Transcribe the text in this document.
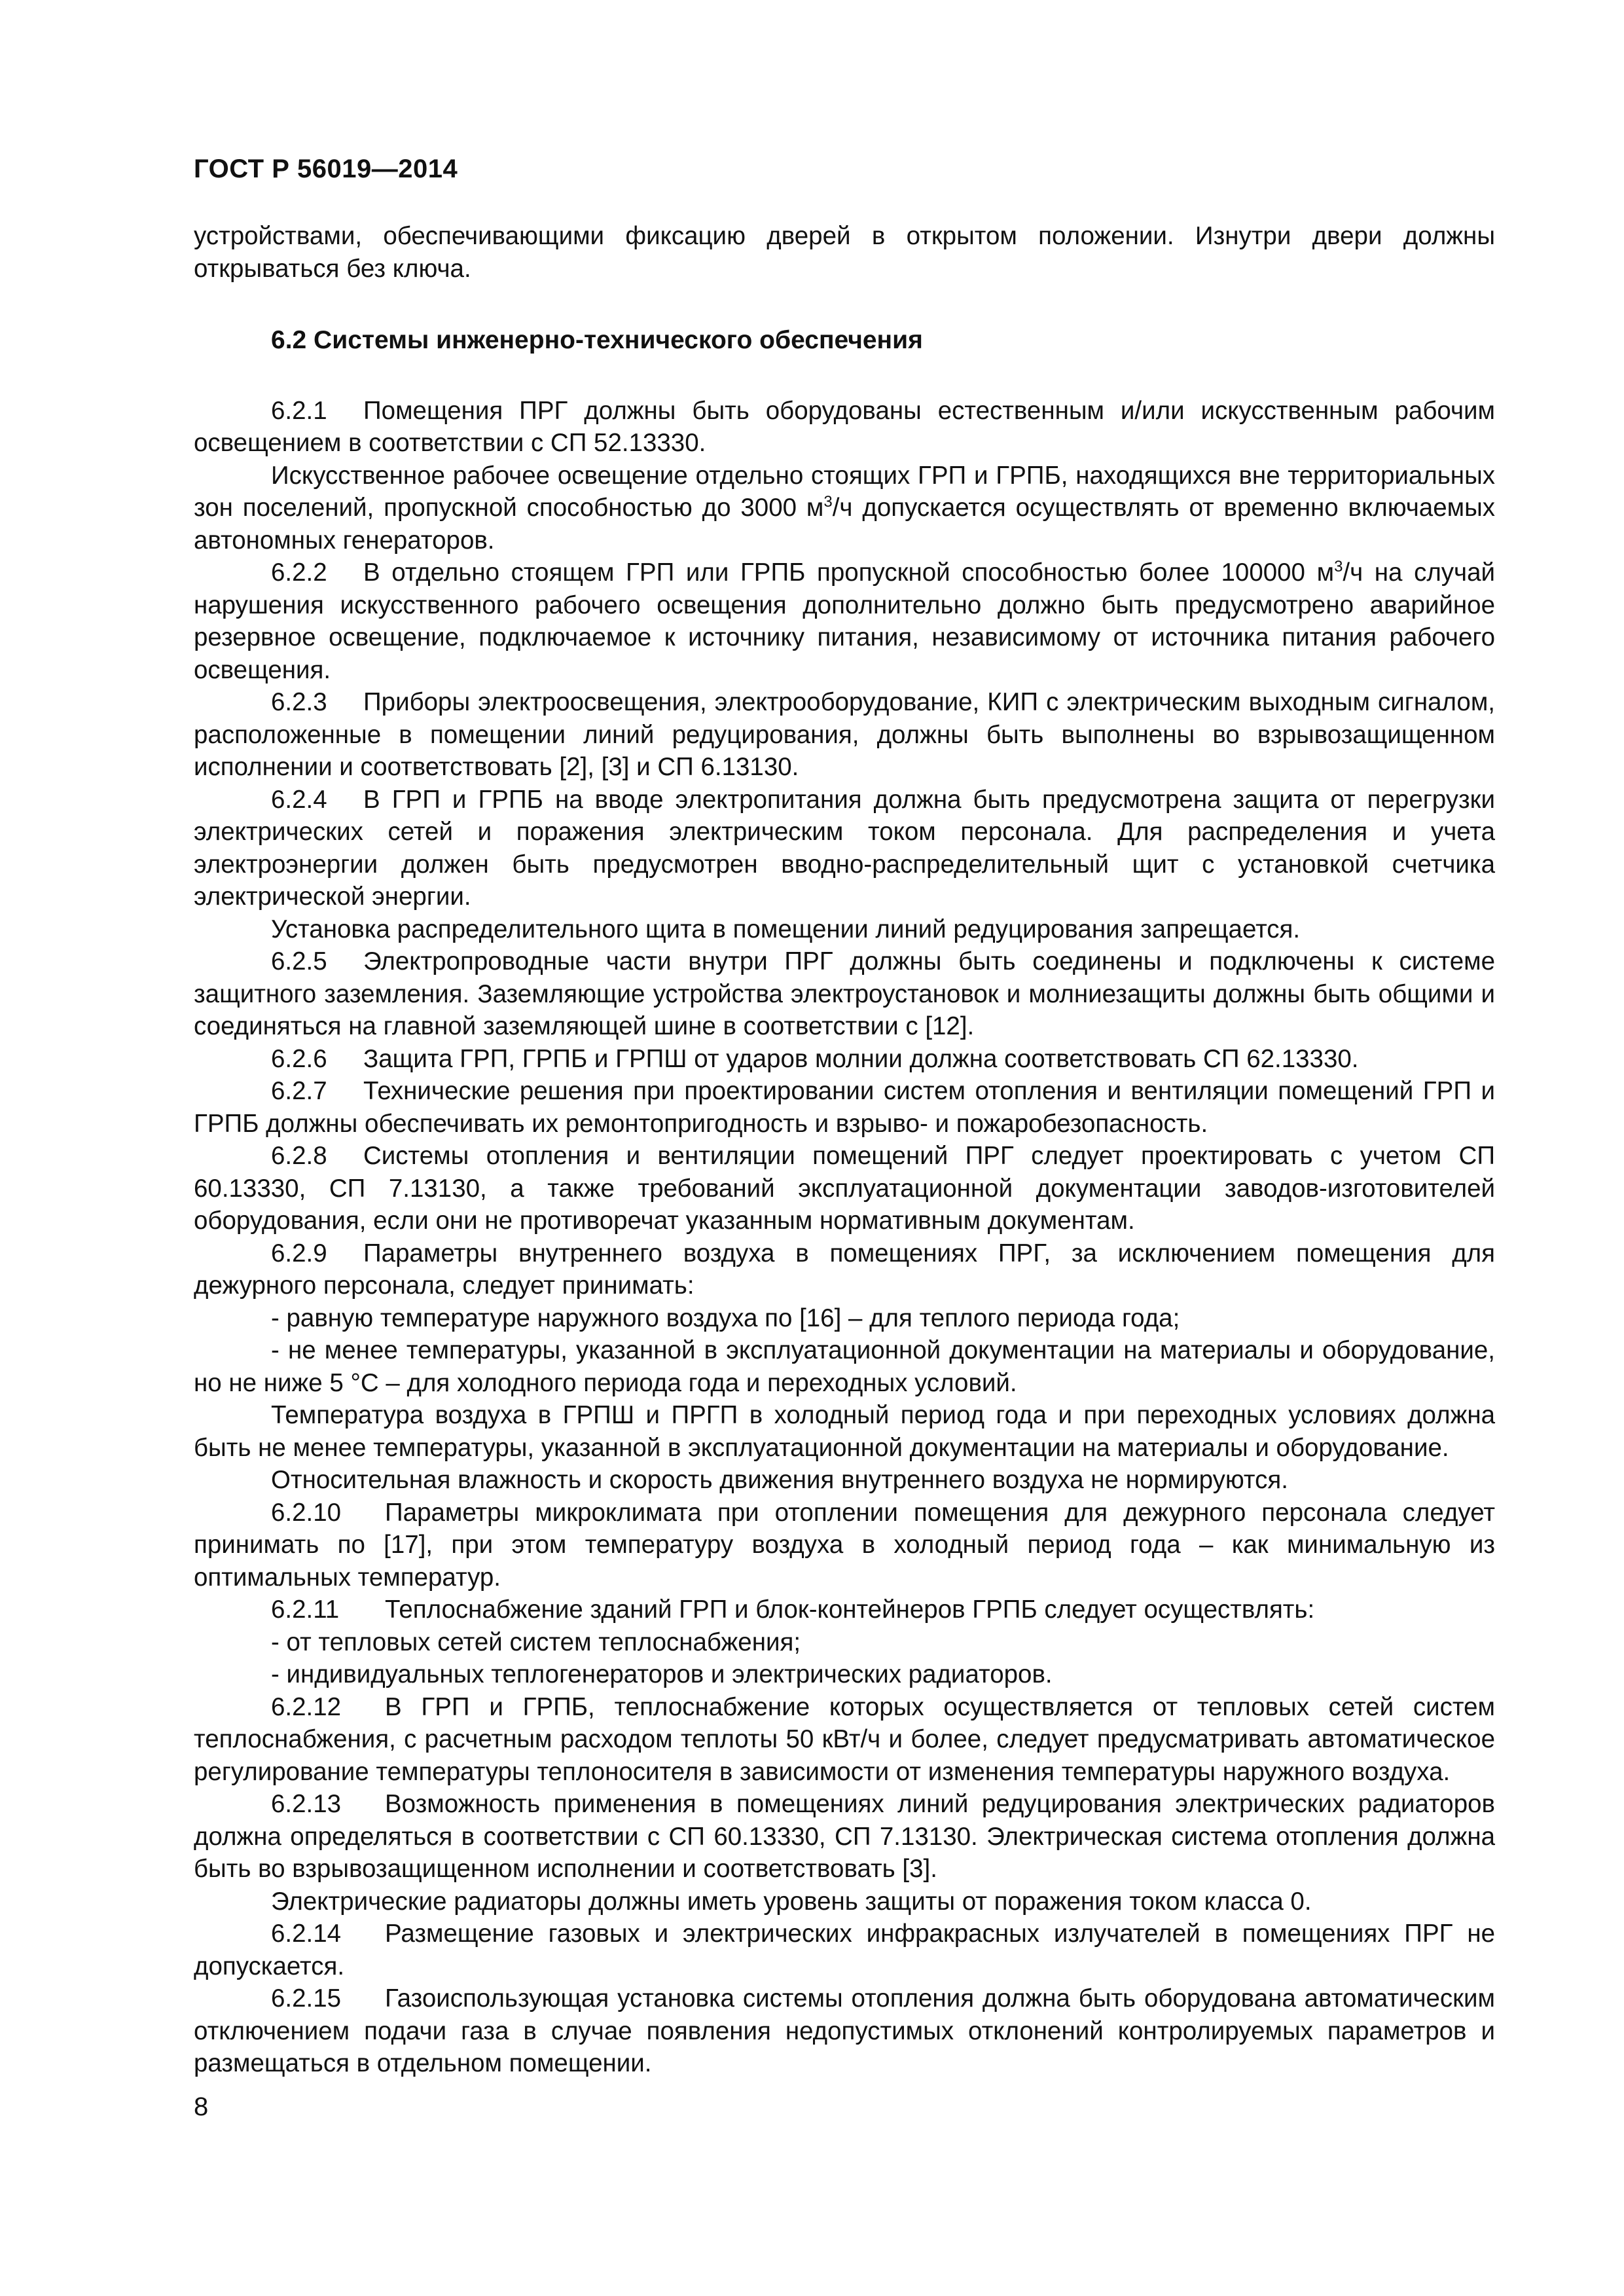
ГОСТ Р 56019—2014

устройствами, обеспечивающими фиксацию дверей в открытом положении. Изнутри двери должны открываться без ключа.

6.2 Системы инженерно-технического обеспечения

6.2.1 Помещения ПРГ должны быть оборудованы естественным и/или искусственным рабочим освещением в соответствии с СП 52.13330.

Искусственное рабочее освещение отдельно стоящих ГРП и ГРПБ, находящихся вне территориальных зон поселений, пропускной способностью до 3000 $м^3/ч$ допускается осуществлять от временно включаемых автономных генераторов.

6.2.2 В отдельно стоящем ГРП или ГРПБ пропускной способностью более 100000 $м^3/ч$ на случай нарушения искусственного рабочего освещения дополнительно должно быть предусмотрено аварийное резервное освещение, подключаемое к источнику питания, независимому от источника питания рабочего освещения.

6.2.3 Приборы электроосвещения, электрооборудование, КИП с электрическим выходным сигналом, расположенные в помещении линий редуцирования, должны быть выполнены во взрывозащищенном исполнении и соответствовать [2], [3] и СП 6.13130.

6.2.4 В ГРП и ГРПБ на вводе электропитания должна быть предусмотрена защита от перегрузки электрических сетей и поражения электрическим током персонала. Для распределения и учета электроэнергии должен быть предусмотрен вводно-распределительный щит с установкой счетчика электрической энергии.

Установка распределительного щита в помещении линий редуцирования запрещается.

6.2.5 Электропроводные части внутри ПРГ должны быть соединены и подключены к системе защитного заземления. Заземляющие устройства электроустановок и молниезащиты должны быть общими и соединяться на главной заземляющей шине в соответствии с [12].

6.2.6 Защита ГРП, ГРПБ и ГРПШ от ударов молнии должна соответствовать СП 62.13330.

6.2.7 Технические решения при проектировании систем отопления и вентиляции помещений ГРП и ГРПБ должны обеспечивать их ремонтопригодность и взрыво- и пожаробезопасность.

6.2.8 Системы отопления и вентиляции помещений ПРГ следует проектировать с учетом СП 60.13330, СП 7.13130, а также требований эксплуатационной документации заводов-изготовителей оборудования, если они не противоречат указанным нормативным документам.

6.2.9 Параметры внутреннего воздуха в помещениях ПРГ, за исключением помещения для дежурного персонала, следует принимать:

- равную температуре наружного воздуха по [16] – для теплого периода года;

- не менее температуры, указанной в эксплуатационной документации на материалы и оборудование, но не ниже 5 °С – для холодного периода года и переходных условий.

Температура воздуха в ГРПШ и ПРГП в холодный период года и при переходных условиях должна быть не менее температуры, указанной в эксплуатационной документации на материалы и оборудование.

Относительная влажность и скорость движения внутреннего воздуха не нормируются.

6.2.10 Параметры микроклимата при отоплении помещения для дежурного персонала следует принимать по [17], при этом температуру воздуха в холодный период года – как минимальную из оптимальных температур.

6.2.11 Теплоснабжение зданий ГРП и блок-контейнеров ГРПБ следует осуществлять:

- от тепловых сетей систем теплоснабжения;

- индивидуальных теплогенераторов и электрических радиаторов.

6.2.12 В ГРП и ГРПБ, теплоснабжение которых осуществляется от тепловых сетей систем теплоснабжения, с расчетным расходом теплоты 50 кВт/ч и более, следует предусматривать автоматическое регулирование температуры теплоносителя в зависимости от изменения температуры наружного воздуха.

6.2.13 Возможность применения в помещениях линий редуцирования электрических радиаторов должна определяться в соответствии с СП 60.13330, СП 7.13130. Электрическая система отопления должна быть во взрывозащищенном исполнении и соответствовать [3].

Электрические радиаторы должны иметь уровень защиты от поражения током класса 0.

6.2.14 Размещение газовых и электрических инфракрасных излучателей в помещениях ПРГ не допускается.

6.2.15 Газоиспользующая установка системы отопления должна быть оборудована автоматическим отключением подачи газа в случае появления недопустимых отклонений контролируемых параметров и размещаться в отдельном помещении.

8
